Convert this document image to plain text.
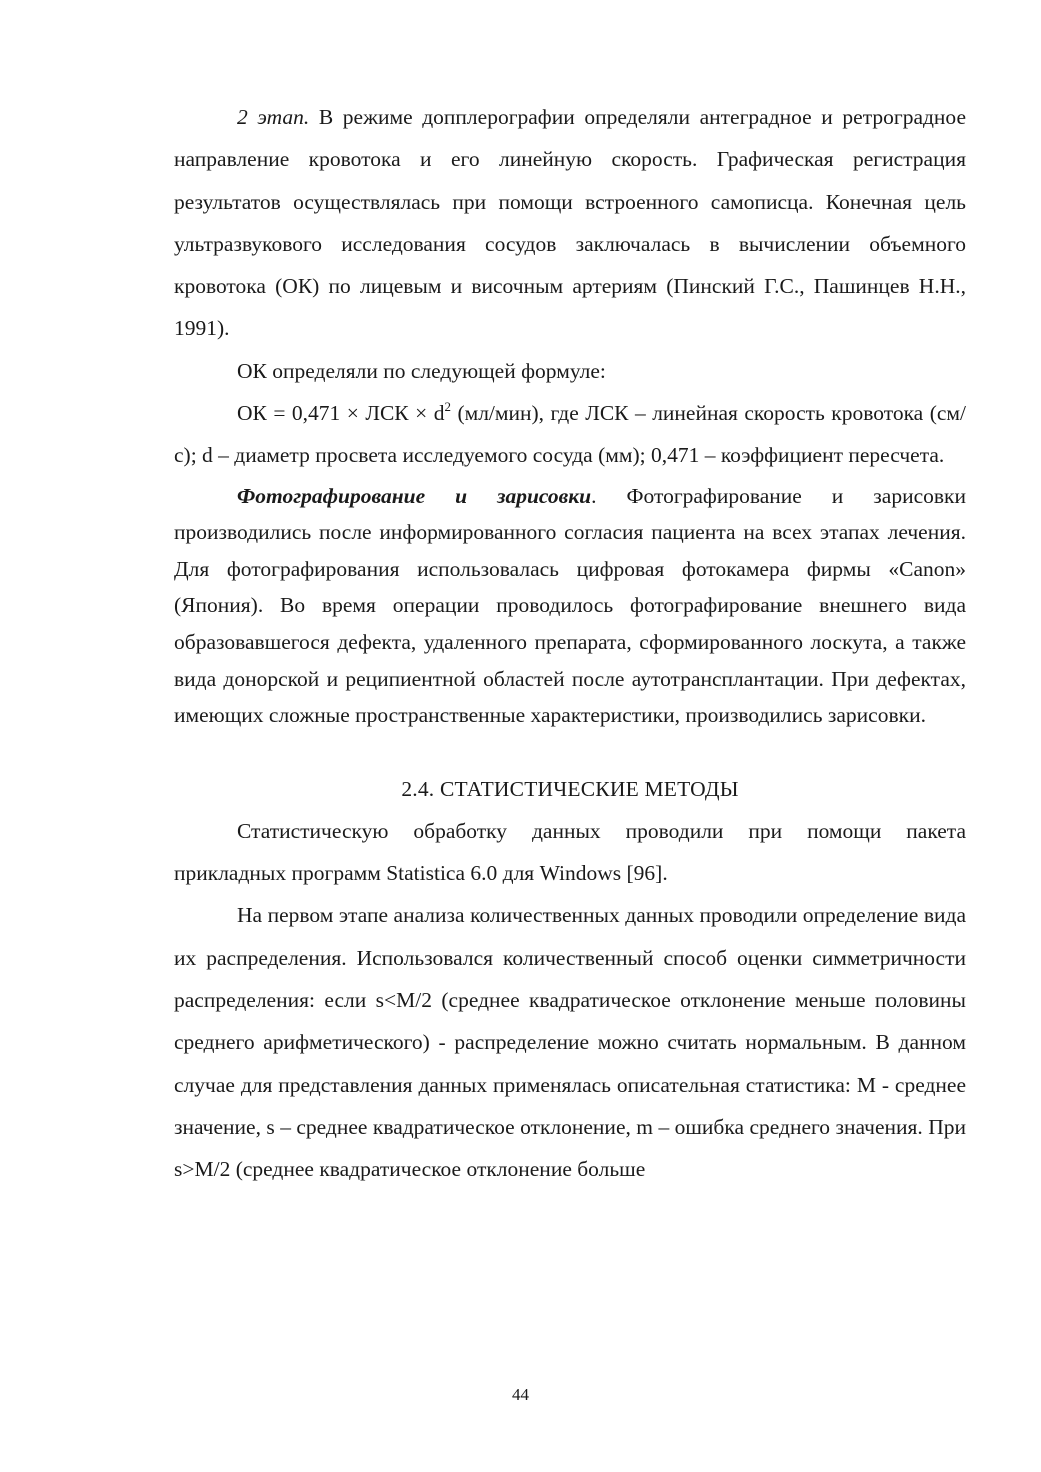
2 этап. В режиме допплерографии определяли антеградное и ретроградное направление кровотока и его линейную скорость. Графическая регистрация результатов осуществлялась при помощи встроенного самописца. Конечная цель ультразвукового исследования сосудов заключалась в вычислении объемного кровотока (ОК) по лицевым и височным артериям (Пинский Г.С., Пашинцев Н.Н., 1991).

ОК определяли по следующей формуле:

ОК = 0,471 × ЛСК × $d^2$ (мл/мин), где ЛСК – линейная скорость кровотока (см/с); d – диаметр просвета исследуемого сосуда (мм); 0,471 – коэффициент пересчета.

Фотографирование и зарисовки. Фотографирование и зарисовки производились после информированного согласия пациента на всех этапах лечения. Для фотографирования использовалась цифровая фотокамера фирмы «Canon» (Япония). Во время операции проводилось фотографирование внешнего вида образовавшегося дефекта, удаленного препарата, сформированного лоскута, а также вида донорской и реципиентной областей после аутотрансплантации. При дефектах, имеющих сложные пространственные характеристики, производились зарисовки.

2.4. СТАТИСТИЧЕСКИЕ МЕТОДЫ

Статистическую обработку данных проводили при помощи пакета прикладных программ Statistica 6.0 для Windows [96].

На первом этапе анализа количественных данных проводили определение вида их распределения. Использовался количественный способ оценки симметричности распределения: если s<M/2 (среднее квадратическое отклонение меньше половины среднего арифметического) - распределение можно считать нормальным. В данном случае для представления данных применялась описательная статистика: M - среднее значение, s – среднее квадратическое отклонение, m – ошибка среднего значения. При s>M/2 (среднее квадратическое отклонение больше

44
